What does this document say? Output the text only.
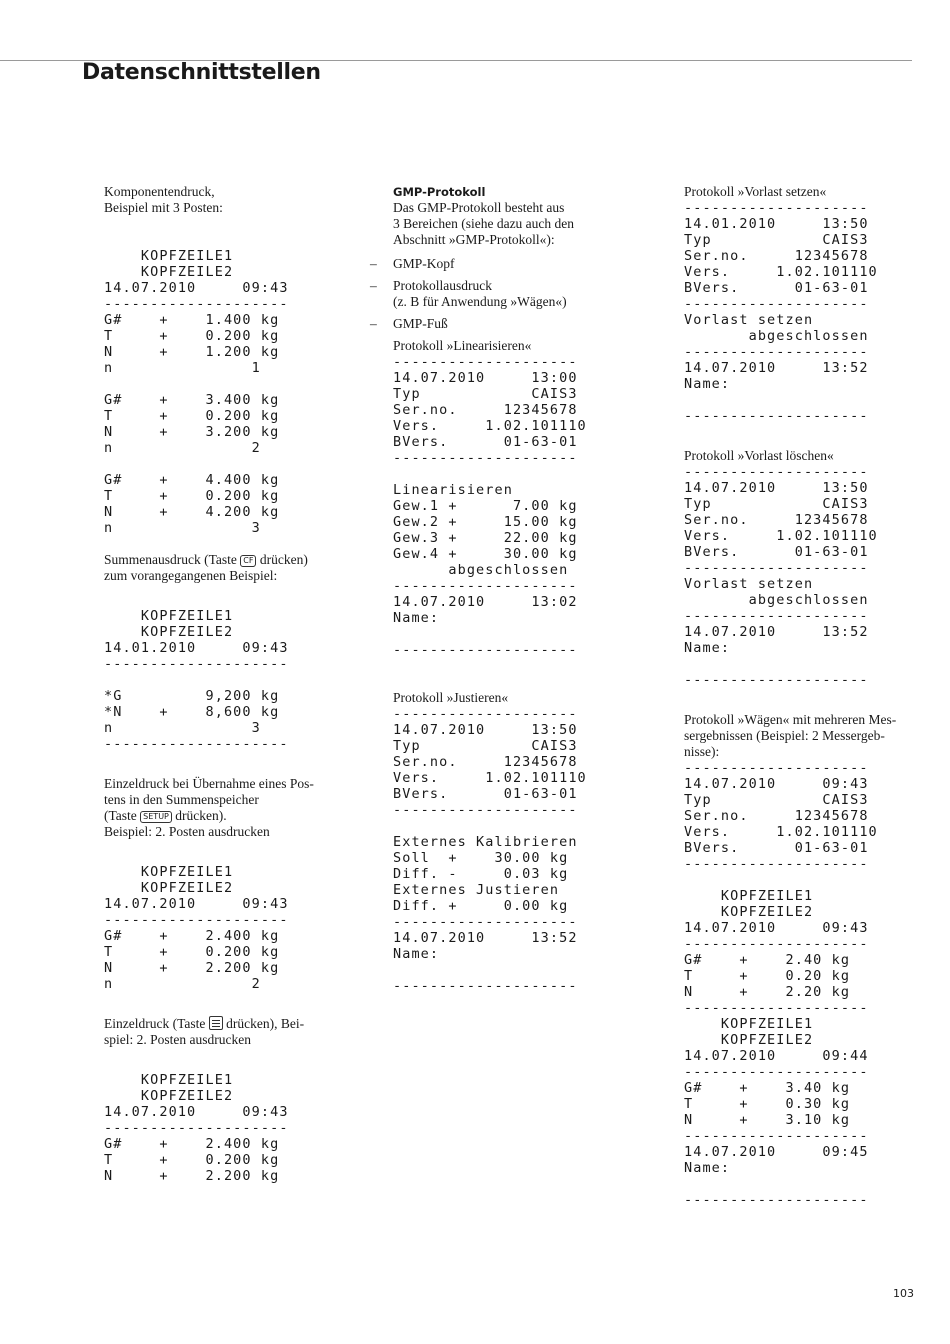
Datenschnittstellen

Komponentendruck,

Beispiel mit 3 Posten:

KOPFZEILE1
KOPFZEILE2
14.07.2010     09:43
--------------------
G#    +    1.400 kg
T     +    0.200 kg
N     +    1.200 kg
n               1

G#    +    3.400 kg
T     +    0.200 kg
N     +    3.200 kg
n               2

G#    +    4.400 kg
T     +    0.200 kg
N     +    4.200 kg
n               3

Summenausdruck (Taste CF drücken)

zum vorangegangenen Beispiel:

KOPFZEILE1
KOPFZEILE2
14.01.2010     09:43
--------------------

*G         9,200 kg
*N    +    8,600 kg
n               3
--------------------

Einzeldruck bei Übernahme eines Pos-

tens in den Summenspeicher

(Taste SETUP drücken).

Beispiel: 2. Posten ausdrucken

KOPFZEILE1
KOPFZEILE2
14.07.2010     09:43
--------------------
G#    +    2.400 kg
T     +    0.200 kg
N     +    2.200 kg
n               2

Einzeldruck (Taste drücken), Bei-

spiel: 2. Posten ausdrucken

KOPFZEILE1
KOPFZEILE2
14.07.2010     09:43
--------------------
G#    +    2.400 kg
T     +    0.200 kg
N     +    2.200 kg

GMP-Protokoll

Das GMP-Protokoll besteht aus

3 Bereichen (siehe dazu auch den

Abschnitt »GMP-Protokoll«):

– GMP-Kopf
– Protokollausdruck
(z. B für Anwendung »Wägen«)
– GMP-Fuß

Protokoll »Linearisieren«

--------------------
14.07.2010     13:00
Typ            CAIS3
Ser.no.     12345678
Vers.     1.02.101110
BVers.      01-63-01
--------------------

Linearisieren
Gew.1 +      7.00 kg
Gew.2 +     15.00 kg
Gew.3 +     22.00 kg
Gew.4 +     30.00 kg
abgeschlossen
--------------------
14.07.2010     13:02
Name:

--------------------

Protokoll »Justieren«

--------------------
14.07.2010     13:50
Typ            CAIS3
Ser.no.     12345678
Vers.     1.02.101110
BVers.      01-63-01
--------------------

Externes Kalibrieren
Soll  +    30.00 kg
Diff. -     0.03 kg
Externes Justieren
Diff. +     0.00 kg
--------------------
14.07.2010     13:52
Name:

--------------------

Protokoll »Vorlast setzen«

--------------------
14.01.2010     13:50
Typ            CAIS3
Ser.no.     12345678
Vers.     1.02.101110
BVers.      01-63-01
--------------------
Vorlast setzen
abgeschlossen
--------------------
14.07.2010     13:52
Name:

--------------------

Protokoll »Vorlast löschen«

--------------------
14.07.2010     13:50
Typ            CAIS3
Ser.no.     12345678
Vers.     1.02.101110
BVers.      01-63-01
--------------------
Vorlast setzen
abgeschlossen
--------------------
14.07.2010     13:52
Name:

--------------------

Protokoll »Wägen« mit mehreren Mes-

sergebnissen (Beispiel: 2 Messergeb-

nisse):

--------------------
14.07.2010     09:43
Typ            CAIS3
Ser.no.     12345678
Vers.     1.02.101110
BVers.      01-63-01
--------------------

KOPFZEILE1
KOPFZEILE2
14.07.2010     09:43
--------------------
G#    +    2.40 kg
T     +    0.20 kg
N     +    2.20 kg
--------------------
KOPFZEILE1
KOPFZEILE2
14.07.2010     09:44
--------------------
G#    +    3.40 kg
T     +    0.30 kg
N     +    3.10 kg
--------------------
14.07.2010     09:45
Name:

--------------------
103
